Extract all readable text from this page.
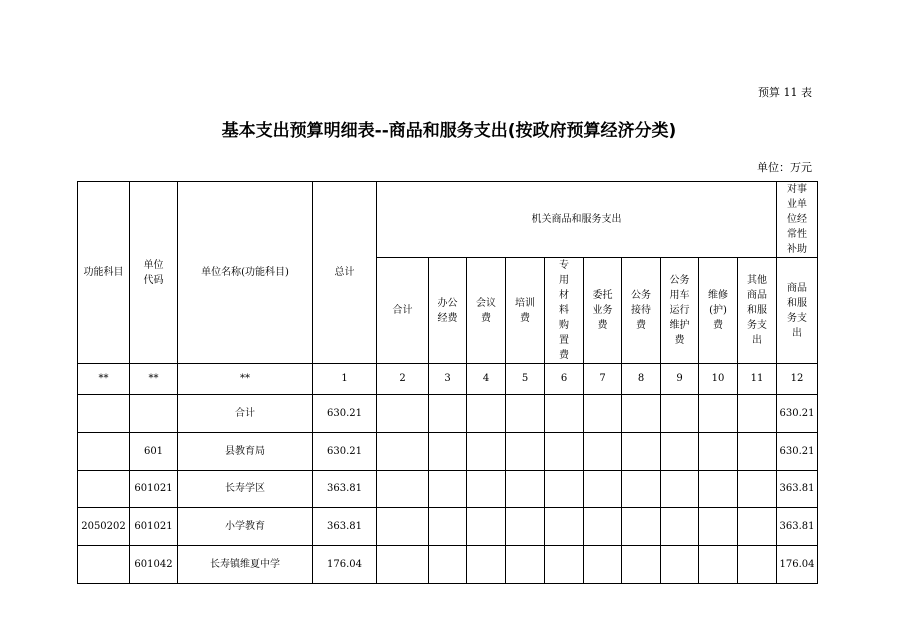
预算 11 表
基本支出预算明细表--商品和服务支出(按政府预算经济分类)
单位：万元
功能科目	单位代码	单位名称(功能科目)	总计	机关商品和服务支出										对事业单位经常性补助
				合计	办公经费	会议费	培训费	专用材料购置费	委托业务费	公务接待费	公务用车运行维护费	维修(护)费	其他商品和服务支出	商品和服务支出
**	**	**	1	2	3	4	5	6	7	8	9	10	11	12
		合计	630.21											630.21
	601	县教育局	630.21											630.21
	601021	长寿学区	363.81											363.81
2050202	601021	小学教育	363.81											363.81
	601042	长寿镇维夏中学	176.04											176.04
